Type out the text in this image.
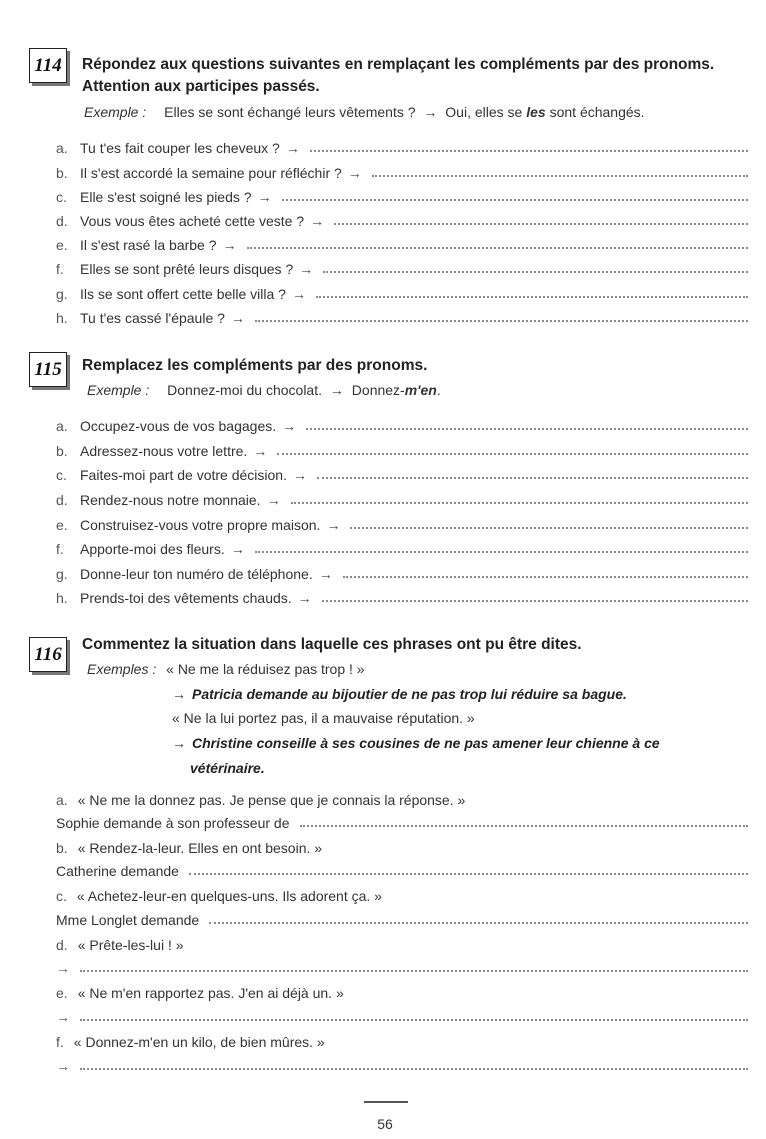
114	Répondez aux questions suivantes en remplaçant les compléments par des pronoms. Attention aux participes passés.
Exemple : Elles se sont échangé leurs vêtements ? → Oui, elles se les sont échangés.
a. Tu t'es fait couper les cheveux ? →
b. Il s'est accordé la semaine pour réfléchir ? →
c. Elle s'est soigné les pieds ? →
d. Vous vous êtes acheté cette veste ? →
e. Il s'est rasé la barbe ? →
f.	Elles se sont prêté leurs disques ? →
g. Ils se sont offert cette belle villa ? →
h. Tu t'es cassé l'épaule ? →
115	Remplacez les compléments par des pronoms.
Exemple : Donnez-moi du chocolat. → Donnez-m'en.
a. Occupez-vous de vos bagages. →
b. Adressez-nous votre lettre. →
c. Faites-moi part de votre décision. →
d. Rendez-nous notre monnaie. →
e. Construisez-vous votre propre maison. →
f.	Apporte-moi des fleurs. →
g. Donne-leur ton numéro de téléphone. →
h. Prends-toi des vêtements chauds. →
116	Commentez la situation dans laquelle ces phrases ont pu être dites.
Exemples : « Ne me la réduisez pas trop ! »
→ Patricia demande au bijoutier de ne pas trop lui réduire sa bague.
« Ne la lui portez pas, il a mauvaise réputation. »
→ Christine conseille à ses cousines de ne pas amener leur chienne à ce
vétérinaire.
a. « Ne me la donnez pas. Je pense que je connais la réponse. »
Sophie demande à son professeur de
b. « Rendez-la-leur. Elles en ont besoin. »
Catherine demande
c. « Achetez-leur-en quelques-uns. Ils adorent ça. »
Mme Longlet demande
d. « Prête-les-lui ! »
→
e. « Ne m'en rapportez pas. J'en ai déjà un. »
→
f. « Donnez-m'en un kilo, de bien mûres. »
→
56
